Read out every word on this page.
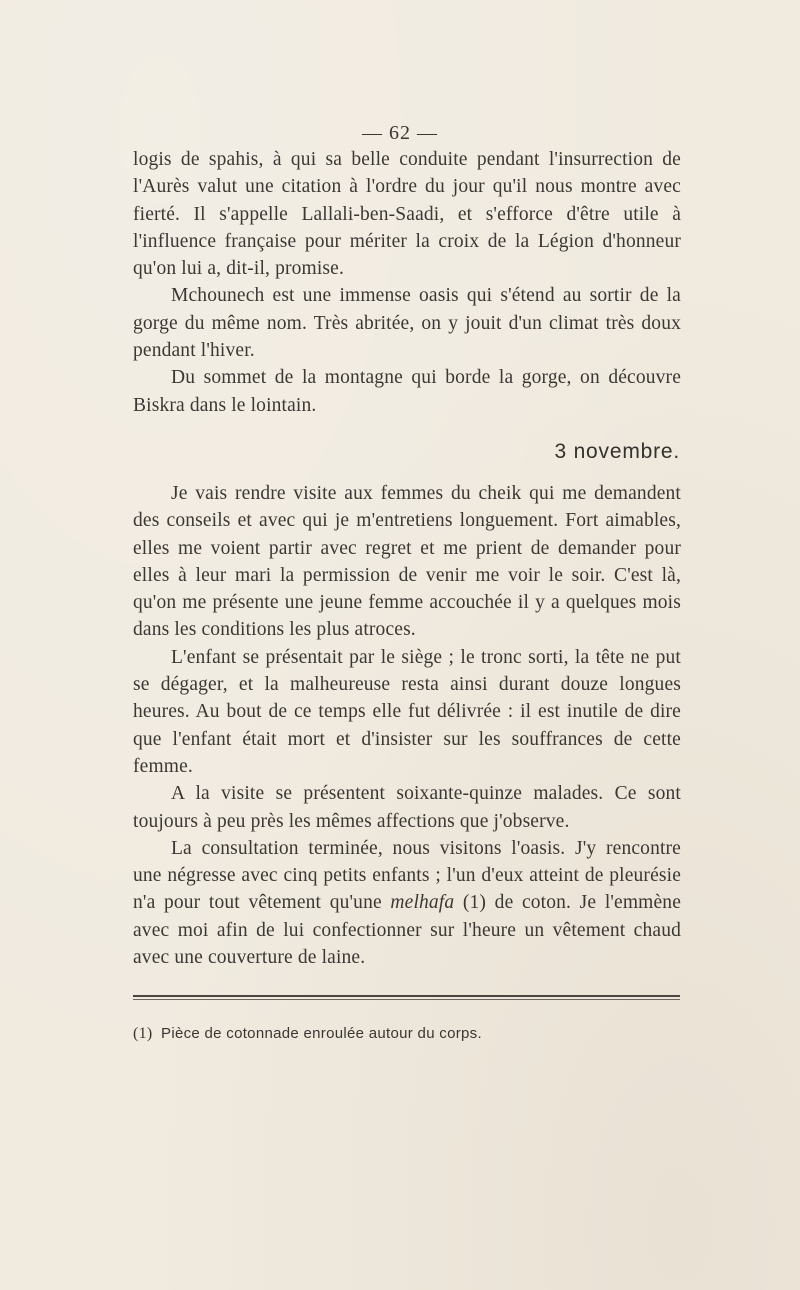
— 62 —

logis de spahis, à qui sa belle conduite pendant l'insurrection de l'Aurès valut une citation à l'ordre du jour qu'il nous montre avec fierté. Il s'appelle Lallali-ben-Saadi, et s'efforce d'être utile à l'influence française pour mériter la croix de la Légion d'honneur qu'on lui a, dit-il, promise.

Mchounech est une immense oasis qui s'étend au sortir de la gorge du même nom. Très abritée, on y jouit d'un climat très doux pendant l'hiver.

Du sommet de la montagne qui borde la gorge, on découvre Biskra dans le lointain.

3 novembre.

Je vais rendre visite aux femmes du cheik qui me demandent des conseils et avec qui je m'entretiens longuement. Fort aimables, elles me voient partir avec regret et me prient de demander pour elles à leur mari la permission de venir me voir le soir. C'est là, qu'on me présente une jeune femme accouchée il y a quelques mois dans les conditions les plus atroces.

L'enfant se présentait par le siège ; le tronc sorti, la tête ne put se dégager, et la malheureuse resta ainsi durant douze longues heures. Au bout de ce temps elle fut délivrée : il est inutile de dire que l'enfant était mort et d'insister sur les souffrances de cette femme.

A la visite se présentent soixante-quinze malades. Ce sont toujours à peu près les mêmes affections que j'observe.

La consultation terminée, nous visitons l'oasis. J'y rencontre une négresse avec cinq petits enfants ; l'un d'eux atteint de pleurésie n'a pour tout vêtement qu'une melhafa (1) de coton. Je l'emmène avec moi afin de lui confectionner sur l'heure un vêtement chaud avec une couverture de laine.

(1) Pièce de cotonnade enroulée autour du corps.
